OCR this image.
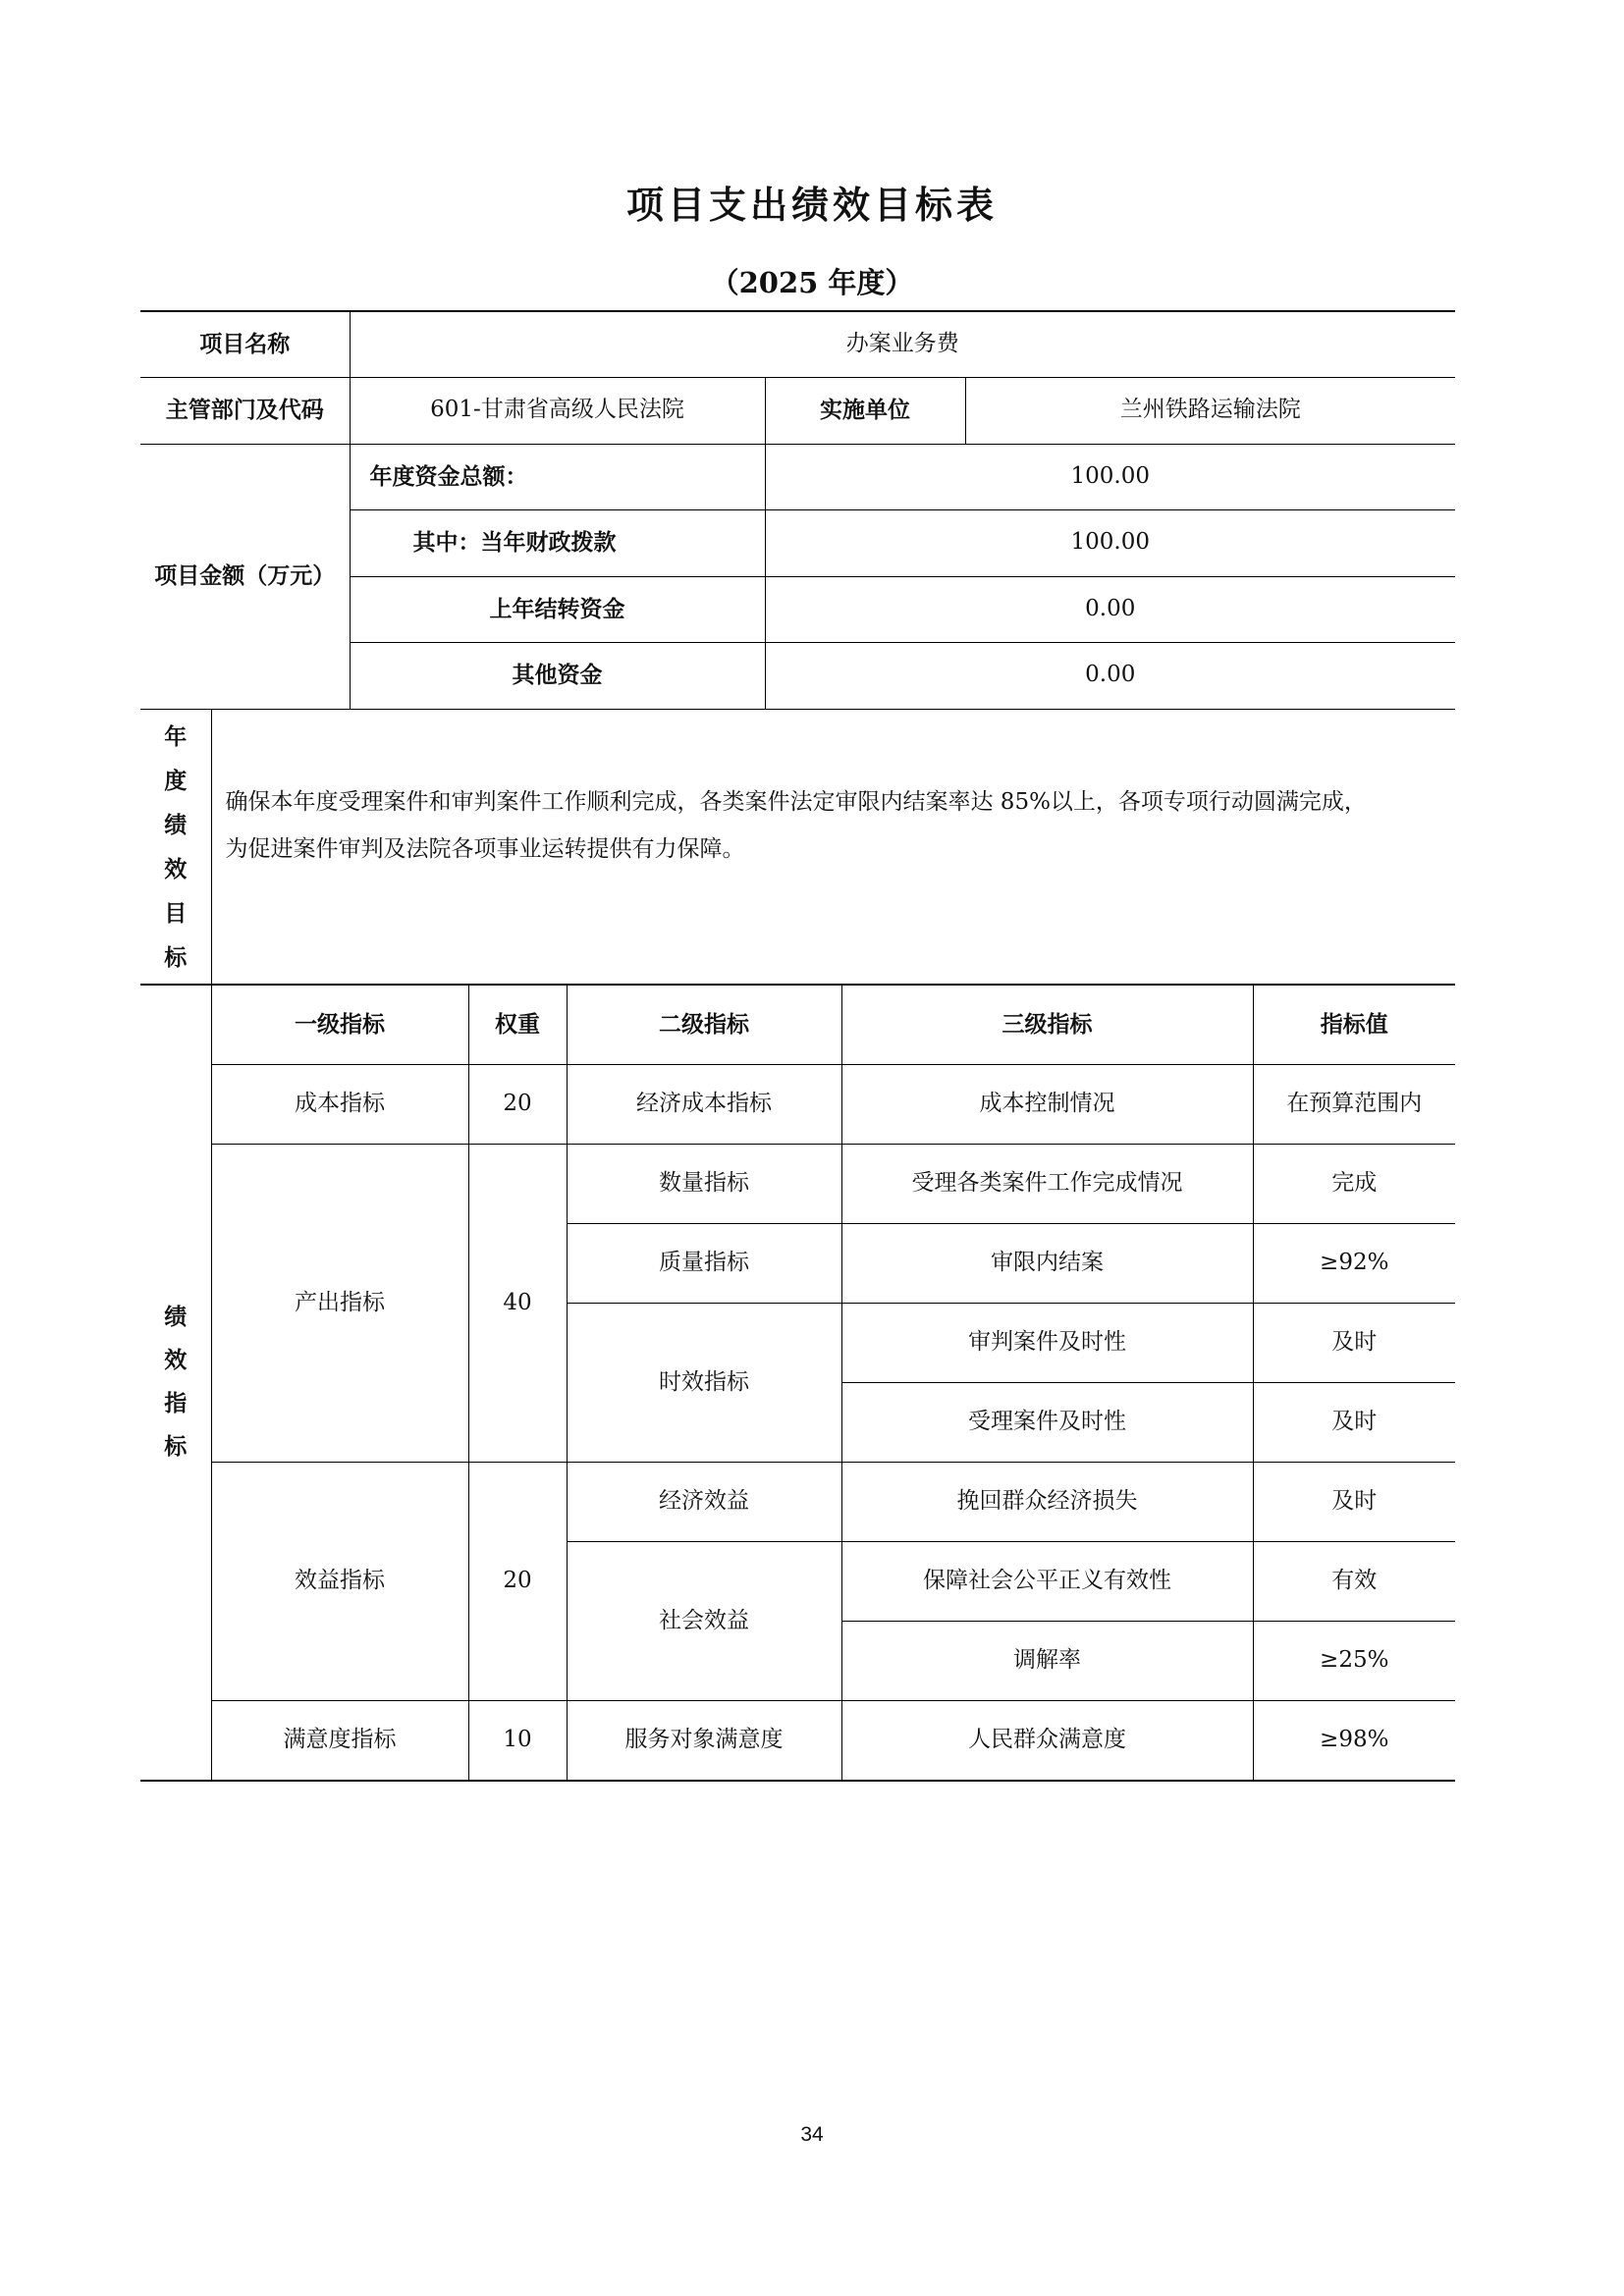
项目支出绩效目标表
（2025 年度）
项目名称	办案业务费		
主管部门及代码	601-甘肃省高级人民法院	实施单位	兰州铁路运输法院
项目金额（万元）	年度资金总额：	100.00	
	其中：当年财政拨款	100.00	
	上年结转资金	0.00	
	其他资金	0.00	
年
度
绩
效
目
标

确保本年度受理案件和审判案件工作顺利完成，各类案件法定审限内结案率达 85%以上，各项专项行动圆满完成，
为促进案件审判及法院各项事业运转提供有力保障。
绩
效
指
标	一级指标	权重	二级指标	三级指标	指标值
	成本指标	20	经济成本指标	成本控制情况	在预算范围内
	产出指标	40	数量指标	受理各类案件工作完成情况	完成
			质量指标	审限内结案	≥92%
			时效指标	审判案件及时性	及时
				受理案件及时性	及时
	效益指标	20	经济效益	挽回群众经济损失	及时
			社会效益	保障社会公平正义有效性	有效
				调解率	≥25%
	满意度指标	10	服务对象满意度	人民群众满意度	≥98%
34
